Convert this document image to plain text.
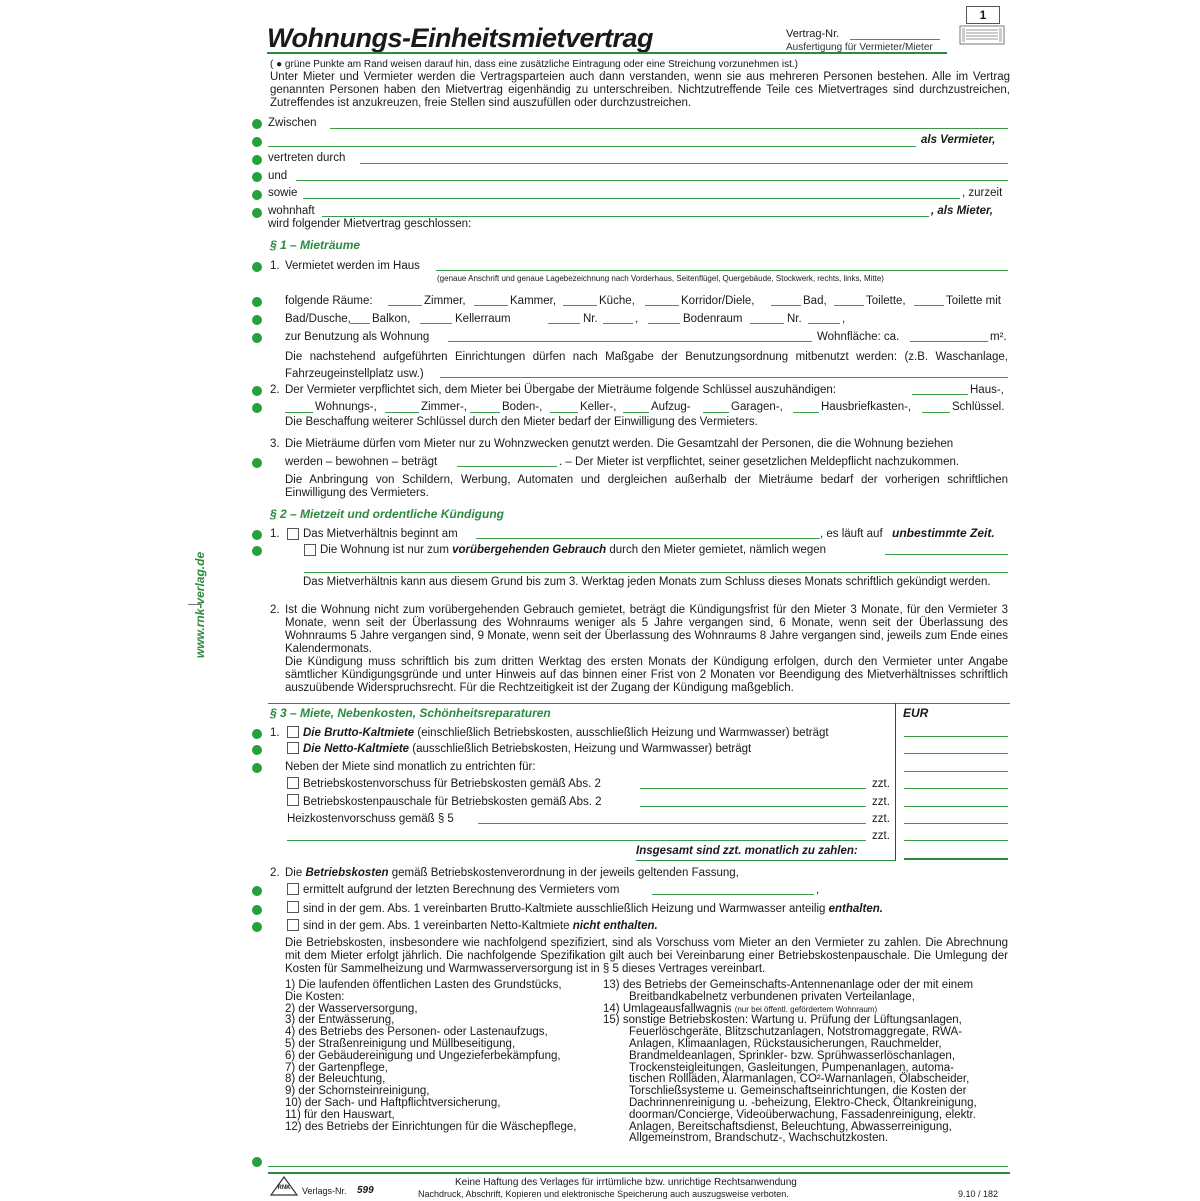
Wohnungs-Einheitsmietvertrag	Vertrag-Nr.
Ausfertigung für Vermieter/Mieter
1
( ● grüne Punkte am Rand weisen darauf hin, dass eine zusätzliche Eintragung oder eine Streichung vorzunehmen ist.)
Unter Mieter und Vermieter werden die Vertragsparteien auch dann verstanden, wenn sie aus mehreren Personen bestehen. Alle im Vertrag genannten Personen haben den Mietvertrag eigenhändig zu unterschreiben. Nichtzutreffende Teile ces Mietvertrages sind durchzustreichen, Zutreffendes ist anzukreuzen, freie Stellen sind auszufüllen oder durchzustreichen.
Zwischen
als Vermieter,
vertreten durch
und
sowie	, zurzeit
wohnhaft	, als Mieter,
wird folgender Mietvertrag geschlossen:
www.rnk-verlag.de
§ 1 – Mieträume
1. Vermietet werden im Haus
(genaue Anschrift und genaue Lagebezeichnung nach Vorderhaus, Seitenflügel, Quergebäude, Stockwerk, rechts, links, Mitte)
folgende Räume:	Zimmer,	Kammer,	Küche,	Korridor/Diele,	Bad,	Toilette,	Toilette mit
Bad/Dusche, Balkon,	Kellerraum	Nr.	,	Bodenraum	Nr.	,
zur Benutzung als Wohnung	Wohnfläche: ca.	m².
Die nachstehend aufgeführten Einrichtungen dürfen nach Maßgabe der Benutzungsordnung mitbenutzt werden: (z.B. Waschanlage, Fahrzeugeinstellplatz usw.)
2. Der Vermieter verpflichtet sich, dem Mieter bei Übergabe der Mieträume folgende Schlüssel auszuhändigen:	Haus-,
Wohnungs-,	Zimmer-,	Boden-,	Keller-,	Aufzug-	Garagen-,	Hausbriefkasten-,	Schlüssel.
Die Beschaffung weiterer Schlüssel durch den Mieter bedarf der Einwilligung des Vermieters.
3. Die Mieträume dürfen vom Mieter nur zu Wohnzwecken genutzt werden. Die Gesamtzahl der Personen, die die Wohnung beziehen
werden – bewohnen – beträgt	. – Der Mieter ist verpflichtet, seiner gesetzlichen Meldepflicht nachzukommen.
Die Anbringung von Schildern, Werbung, Automaten und dergleichen außerhalb der Mieträume bedarf der vorherigen schriftlichen Einwilligung des Vermieters.
§ 2 – Mietzeit und ordentliche Kündigung
1. Das Mietverhältnis beginnt am	, es läuft auf unbestimmte Zeit.
Die Wohnung ist nur zum vorübergehenden Gebrauch durch den Mieter gemietet, nämlich wegen
Das Mietverhältnis kann aus diesem Grund bis zum 3. Werktag jeden Monats zum Schluss dieses Monats schriftlich gekündigt werden.
2. Ist die Wohnung nicht zum vorübergehenden Gebrauch gemietet, beträgt die Kündigungsfrist für den Mieter 3 Monate, für den Vermieter 3 Monate, wenn seit der Überlassung des Wohnraums weniger als 5 Jahre vergangen sind, 6 Monate, wenn seit der Überlassung des Wohnraums 5 Jahre vergangen sind, 9 Monate, wenn seit der Überlassung des Wohnraums 8 Jahre vergangen sind, jeweils zum Ende eines Kalendermonats.
Die Kündigung muss schriftlich bis zum dritten Werktag des ersten Monats der Kündigung erfolgen, durch den Vermieter unter Angabe sämtlicher Kündigungsgründe und unter Hinweis auf das binnen einer Frist von 2 Monaten vor Beendigung des Mietverhältnisses schriftlich auszuübende Widerspruchsrecht. Für die Rechtzeitigkeit ist der Zugang der Kündigung maßgeblich.
§ 3 – Miete, Nebenkosten, Schönheitsreparaturen	EUR
1. Die Brutto-Kaltmiete (einschließlich Betriebskosten, ausschließlich Heizung und Warmwasser) beträgt
Die Netto-Kaltmiete (ausschließlich Betriebskosten, Heizung und Warmwasser) beträgt
Neben der Miete sind monatlich zu entrichten für:
Betriebskostenvorschuss für Betriebskosten gemäß Abs. 2	zzt.
Betriebskostenpauschale für Betriebskosten gemäß Abs. 2	zzt.
Heizkostenvorschuss gemäß § 5	zzt.
zzt.
Insgesamt sind zzt. monatlich zu zahlen:
2. Die Betriebskosten gemäß Betriebskostenverordnung in der jeweils geltenden Fassung,
ermittelt aufgrund der letzten Berechnung des Vermieters vom	,
sind in der gem. Abs. 1 vereinbarten Brutto-Kaltmiete ausschließlich Heizung und Warmwasser anteilig enthalten.
sind in der gem. Abs. 1 vereinbarten Netto-Kaltmiete nicht enthalten.
Die Betriebskosten, insbesondere wie nachfolgend spezifiziert, sind als Vorschuss vom Mieter an den Vermieter zu zahlen. Die Abrechnung mit dem Mieter erfolgt jährlich. Die nachfolgende Spezifikation gilt auch bei Vereinbarung einer Betriebskostenpauschale. Die Umlegung der Kosten für Sammelheizung und Warmwasserversorgung ist in § 5 dieses Vertrages vereinbart.
1) Die laufenden öffentlichen Lasten des Grundstücks,
Die Kosten:
2) der Wasserversorgung,
3) der Entwässerung,
4) des Betriebs des Personen- oder Lastenaufzugs,
5) der Straßenreinigung und Müllbeseitigung,
6) der Gebäudereinigung und Ungezieferbekämpfung,
7) der Gartenpflege,
8) der Beleuchtung,
9) der Schornsteinreinigung,
10) der Sach- und Haftpflichtversicherung,
11) für den Hauswart,
12) des Betriebs der Einrichtungen für die Wäschepflege,
13) des Betriebs der Gemeinschafts-Antennenanlage oder der mit einem
Breitbandkabelnetz verbundenen privaten Verteilanlage,
14) Umlageausfallwagnis (nur bei öffentl. gefördertem Wohnraum)
15) sonstige Betriebskosten: Wartung u. Prüfung der Lüftungsanlagen,
Feuerlöschgeräte, Blitzschutzanlagen, Notstromaggregate, RWA-
Anlagen, Klimaanlagen, Rückstausicherungen, Rauchmelder,
Brandmeldeanlagen, Sprinkler- bzw. Sprühwasserlöschanlagen,
Trockensteigleitungen, Gasleitungen, Pumpenanlagen, automa-
tischen Rollläden, Alarmanlagen, CO²-Warnanlagen, Ölabscheider,
Torschließsysteme u. Gemeinschaftseinrichtungen, die Kosten der
Dachrinnenreinigung u. -beheizung, Elektro-Check, Öltankreinigung,
doorman/Concierge, Videoüberwachung, Fassadenreinigung, elektr.
Anlagen, Bereitschaftsdienst, Beleuchtung, Abwasserreinigung,
Allgemeinstrom, Brandschutz-, Wachschutzkosten.
RNK	Verlags-Nr. 599
Keine Haftung des Verlages für irrtümliche bzw. unrichtige Rechtsanwendung
Nachdruck, Abschrift, Kopieren und elektronische Speicherung auch auszugsweise verboten.	9.10 / 182
